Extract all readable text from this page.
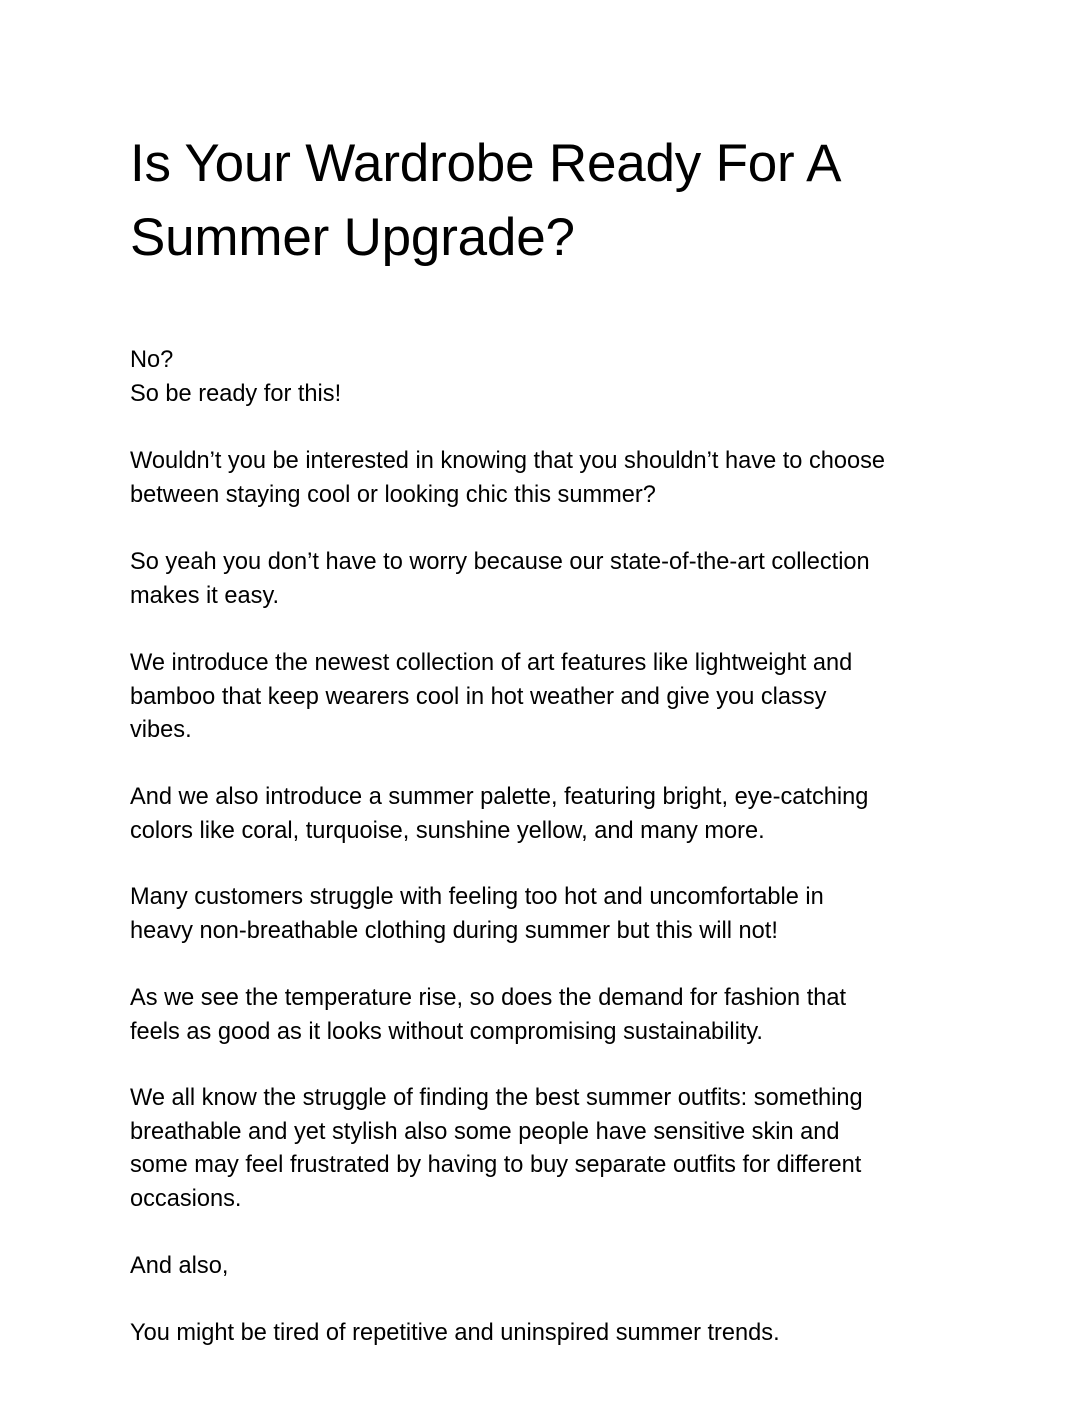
Is Your Wardrobe Ready For A
Summer Upgrade?

No?
So be ready for this!

Wouldn’t you be interested in knowing that you shouldn’t have to choose
between staying cool or looking chic this summer?

So yeah you don’t have to worry because our state-of-the-art collection
makes it easy.

We introduce the newest collection of art features like lightweight and
bamboo that keep wearers cool in hot weather and give you classy
vibes.

And we also introduce a summer palette, featuring bright, eye-catching
colors like coral, turquoise, sunshine yellow, and many more.

Many customers struggle with feeling too hot and uncomfortable in
heavy non-breathable clothing during summer but this will not!

As we see the temperature rise, so does the demand for fashion that
feels as good as it looks without compromising sustainability.

We all know the struggle of finding the best summer outfits: something
breathable and yet stylish also some people have sensitive skin and
some may feel frustrated by having to buy separate outfits for different
occasions.

And also,

You might be tired of repetitive and uninspired summer trends.
